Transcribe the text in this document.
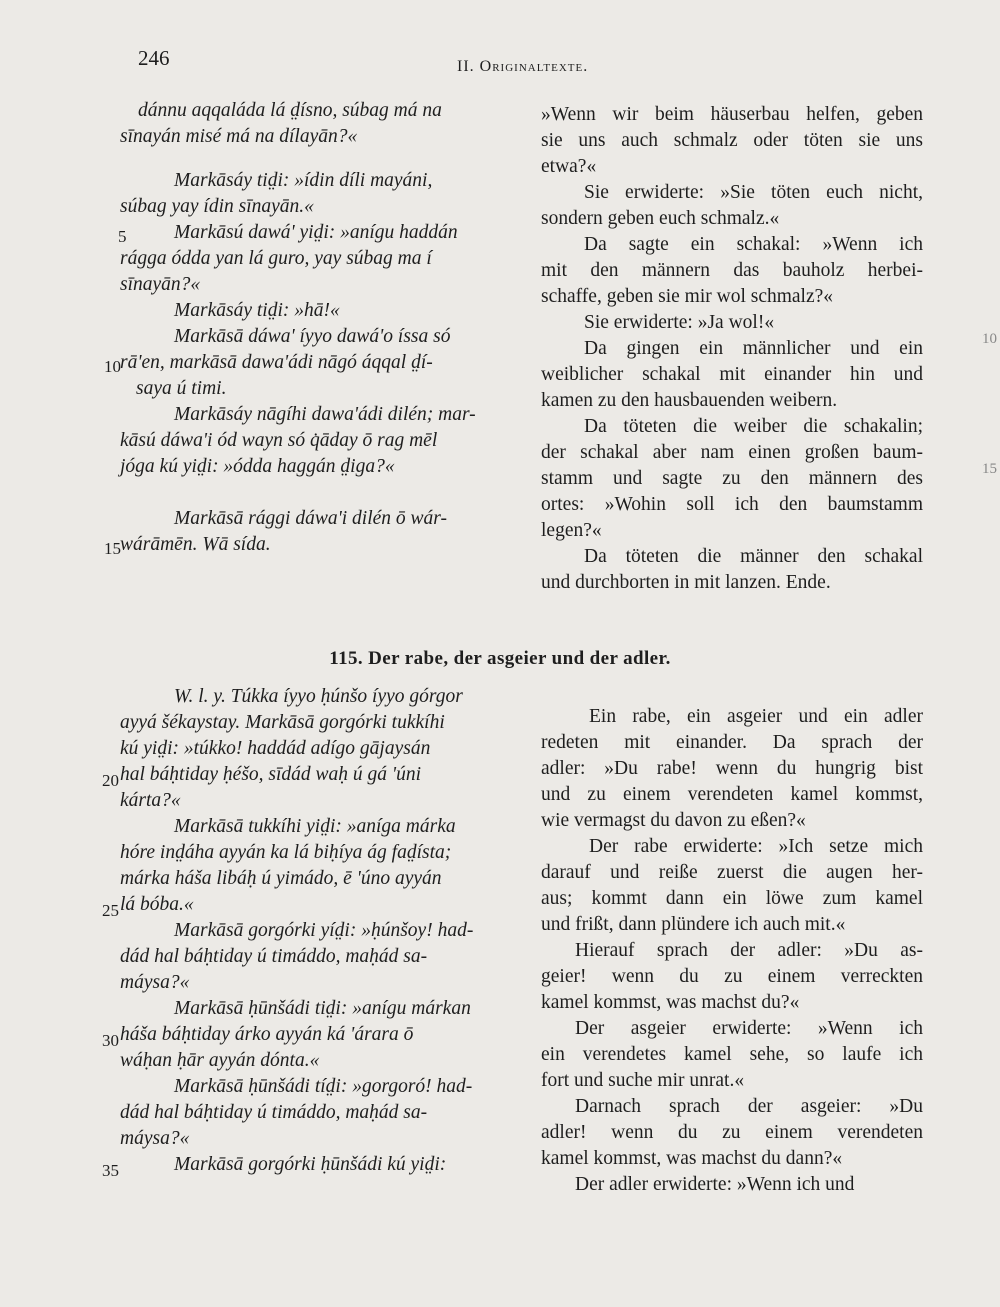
246	II. Originaltexte.
dánnu aqqaláda lá d̤ísno, súbag má na
sīnayán misé má na dílayān?«
Markāsáy tid̤i: »ídin díli mayáni,
súbag yay ídin sīnayān.«
Markāsú dawá' yid̤i: »anígu haddán
rágga ódda yan lá guro, yay súbag ma í
sīnayān?«
Markāsáy tid̤i: »hā!«
Markāsā dáwa' íyyo dawá'o íssa só
rā'en, markāsā dawa'ádi nāgó áqqal d̤í-
saya ú timi.
Markāsáy nāgíhi dawa'ádi dilén; mar-
kāsú dáwa'i ód wayn só q̇āday ō rag mēl
jóga kú yid̤i: »ódda haggán d̤iga?«
Markāsā rággi dáwa'i dilén ō wár-
wárāmēn. Wā sída.
5
10
15
»Wenn wir beim häuserbau helfen, geben
sie uns auch schmalz oder töten sie uns
etwa?«
Sie erwiderte: »Sie töten euch nicht,
sondern geben euch schmalz.«
Da sagte ein schakal: »Wenn ich
mit den männern das bauholz herbei-
schaffe, geben sie mir wol schmalz?«
Sie erwiderte: »Ja wol!«
Da gingen ein männlicher und ein
weiblicher schakal mit einander hin und
kamen zu den hausbauenden weibern.
Da töteten die weiber die schakalin;
der schakal aber nam einen großen baum-
stamm und sagte zu den männern des
ortes: »Wohin soll ich den baumstamm
legen?«
Da töteten die männer den schakal
und durchborten in mit lanzen. Ende.
115. Der rabe, der asgeier und der adler.
W. l. y. Túkka íyyo ḥúnšo íyyo górgor
ayyá šékaystay. Markāsā gorgórki tukkíhi
kú yid̤i: »túkko! haddád adígo gājaysán
hal báḥtiday ḥéšo, sīdád waḥ ú gá 'úni
kárta?«
Markāsā tukkíhi yid̤i: »aníga márka
hóre ind̤áha ayyán ka lá biḥíya ág fad̤ísta;
márka háša libáḥ ú yimádo, ē 'úno ayyán
lá bóba.«
Markāsā gorgórki yíd̤i: »ḥúnšoy! had-
dád hal báḥtiday ú timáddo, maḥád sa-
máysa?«
Markāsā ḥūnšádi tid̤i: »anígu márkan
háša báḥtiday árko ayyán ká 'árara ō
wáḥan ḥār ayyán dónta.«
Markāsā ḥūnšádi tíd̤i: »gorgoró! had-
dád hal báḥtiday ú timáddo, maḥád sa-
máysa?«
Markāsā gorgórki ḥūnšádi kú yid̤i:
20
25
30
35
Ein rabe, ein asgeier und ein adler
redeten mit einander. Da sprach der
adler: »Du rabe! wenn du hungrig bist
und zu einem verendeten kamel kommst,
wie vermagst du davon zu eßen?«
Der rabe erwiderte: »Ich setze mich
darauf und reiße zuerst die augen her-
aus; kommt dann ein löwe zum kamel
und frißt, dann plündere ich auch mit.«
Hierauf sprach der adler: »Du as-
geier! wenn du zu einem verreckten
kamel kommst, was machst du?«
Der asgeier erwiderte: »Wenn ich
ein verendetes kamel sehe, so laufe ich
fort und suche mir unrat.«
Darnach sprach der asgeier: »Du
adler! wenn du zu einem verendeten
kamel kommst, was machst du dann?«
Der adler erwiderte: »Wenn ich und
10
15
